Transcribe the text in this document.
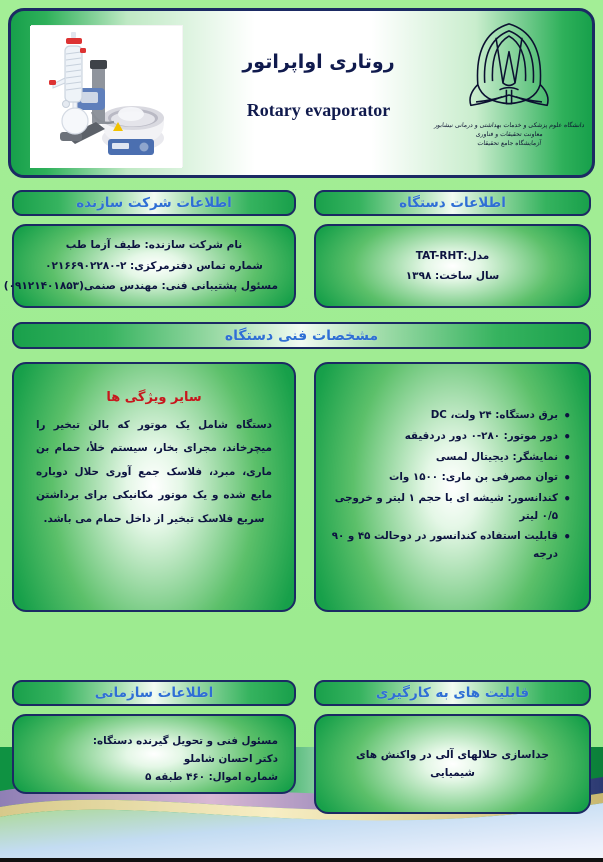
روتاری اواپراتور
Rotary evaporator
دانشگاه علوم پزشکی و خدمات بهداشتی و درمانی نیشابور
معاونت تحقیقات و فناوری
آزمایشگاه جامع تحقیقات
اطلاعات شرکت سازنده	اطلاعات دستگاه
نام شرکت سازنده: طیف آزما طب
شماره تماس دفترمرکزی: ۲-۰۲۱۶۶۹۰۲۲۸۰
مسئول پشتیبانی فنی: مهندس صنمی(۰۹۱۲۱۴۰۱۸۵۳)
مدل:TAT-RHT
سال ساخت: ۱۳۹۸
مشخصات فنی دستگاه
سایر ویژگی ها
دستگاه شامل یک موتور که بالن تبخیر را میچرخاند، مجرای بخار، سیستم خلأ، حمام بن ماری، مبرد، فلاسک جمع آوری حلال دوباره مایع شده و یک موتور مکانیکی برای برداشتن سریع فلاسک تبخیر از داخل حمام می باشد.
• برق دستگاه: ۲۴ ولت، DC
• دور موتور: ۲۸۰-۰ دور دردقیقه
• نمایشگر: دیجیتال لمسی
• توان مصرفی بن ماری: ۱۵۰۰ وات
• کندانسور: شیشه ای با حجم ۱ لیتر و خروجی ۰/۵ لیتر
• قابلیت استفاده کندانسور در دوحالت ۴۵ و ۹۰ درجه
اطلاعات سازمانی	قابلیت های به کارگیری
مسئول فنی و تحویل گیرنده دستگاه:
دکتر احسان شاملو
شماره اموال: ۴۶۰ طبقه ۵
جداسازی حلالهای آلی در واکنش های شیمیایی
